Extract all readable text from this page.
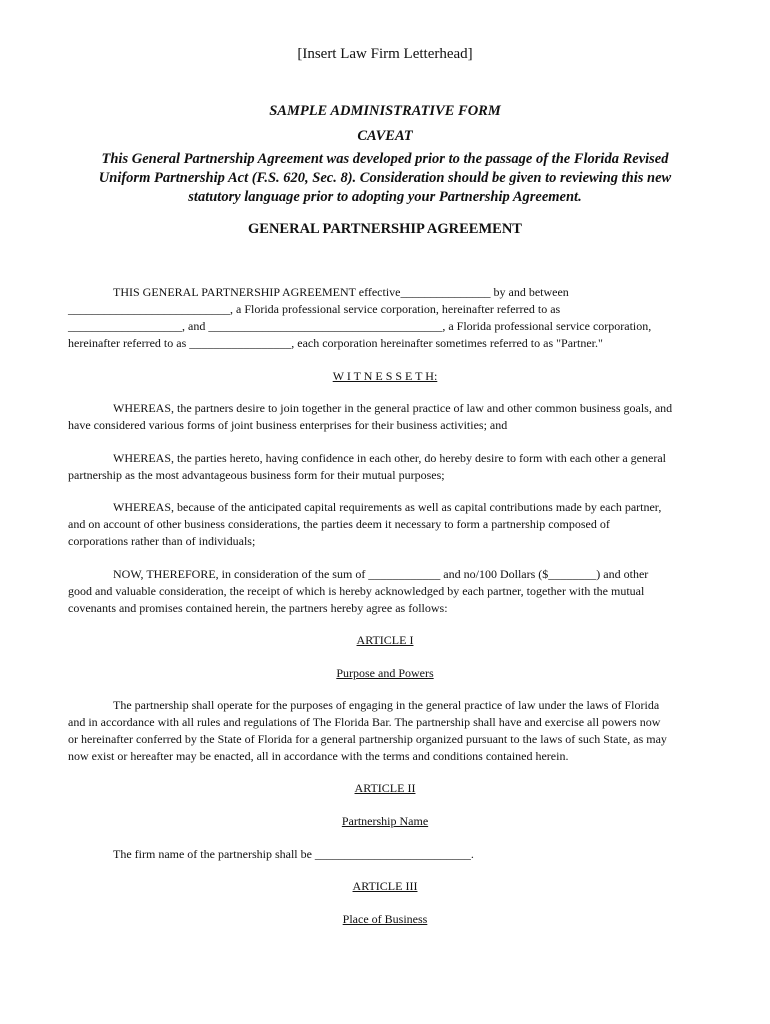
[Insert Law Firm Letterhead]
SAMPLE ADMINISTRATIVE FORM
CAVEAT
This General Partnership Agreement was developed prior to the passage of the Florida Revised
Uniform Partnership Act (F.S. 620, Sec. 8). Consideration should be given to reviewing this new
statutory language prior to adopting your Partnership Agreement.
GENERAL PARTNERSHIP AGREEMENT
THIS GENERAL PARTNERSHIP AGREEMENT effective_______________ by and between
___________________________, a Florida professional service corporation, hereinafter referred to as
___________________, and _______________________________________, a Florida professional service corporation,
hereinafter referred to as _________________, each corporation hereinafter sometimes referred to as "Partner."
W I T N E S S E T H:
WHEREAS, the partners desire to join together in the general practice of law and other common business goals, and
have considered various forms of joint business enterprises for their business activities; and
WHEREAS, the parties hereto, having confidence in each other, do hereby desire to form with each other a general
partnership as the most advantageous business form for their mutual purposes;
WHEREAS, because of the anticipated capital requirements as well as capital contributions made by each partner,
and on account of other business considerations, the parties deem it necessary to form a partnership composed of
corporations rather than of individuals;
NOW, THEREFORE, in consideration of the sum of ____________ and no/100 Dollars ($________) and other
good and valuable consideration, the receipt of which is hereby acknowledged by each partner, together with the mutual
covenants and promises contained herein, the partners hereby agree as follows:
ARTICLE I
Purpose and Powers
The partnership shall operate for the purposes of engaging in the general practice of law under the laws of Florida
and in accordance with all rules and regulations of The Florida Bar. The partnership shall have and exercise all powers now
or hereinafter conferred by the State of Florida for a general partnership organized pursuant to the laws of such State, as may
now exist or hereafter may be enacted, all in accordance with the terms and conditions contained herein.
ARTICLE II
Partnership Name
The firm name of the partnership shall be __________________________.
ARTICLE III
Place of Business
